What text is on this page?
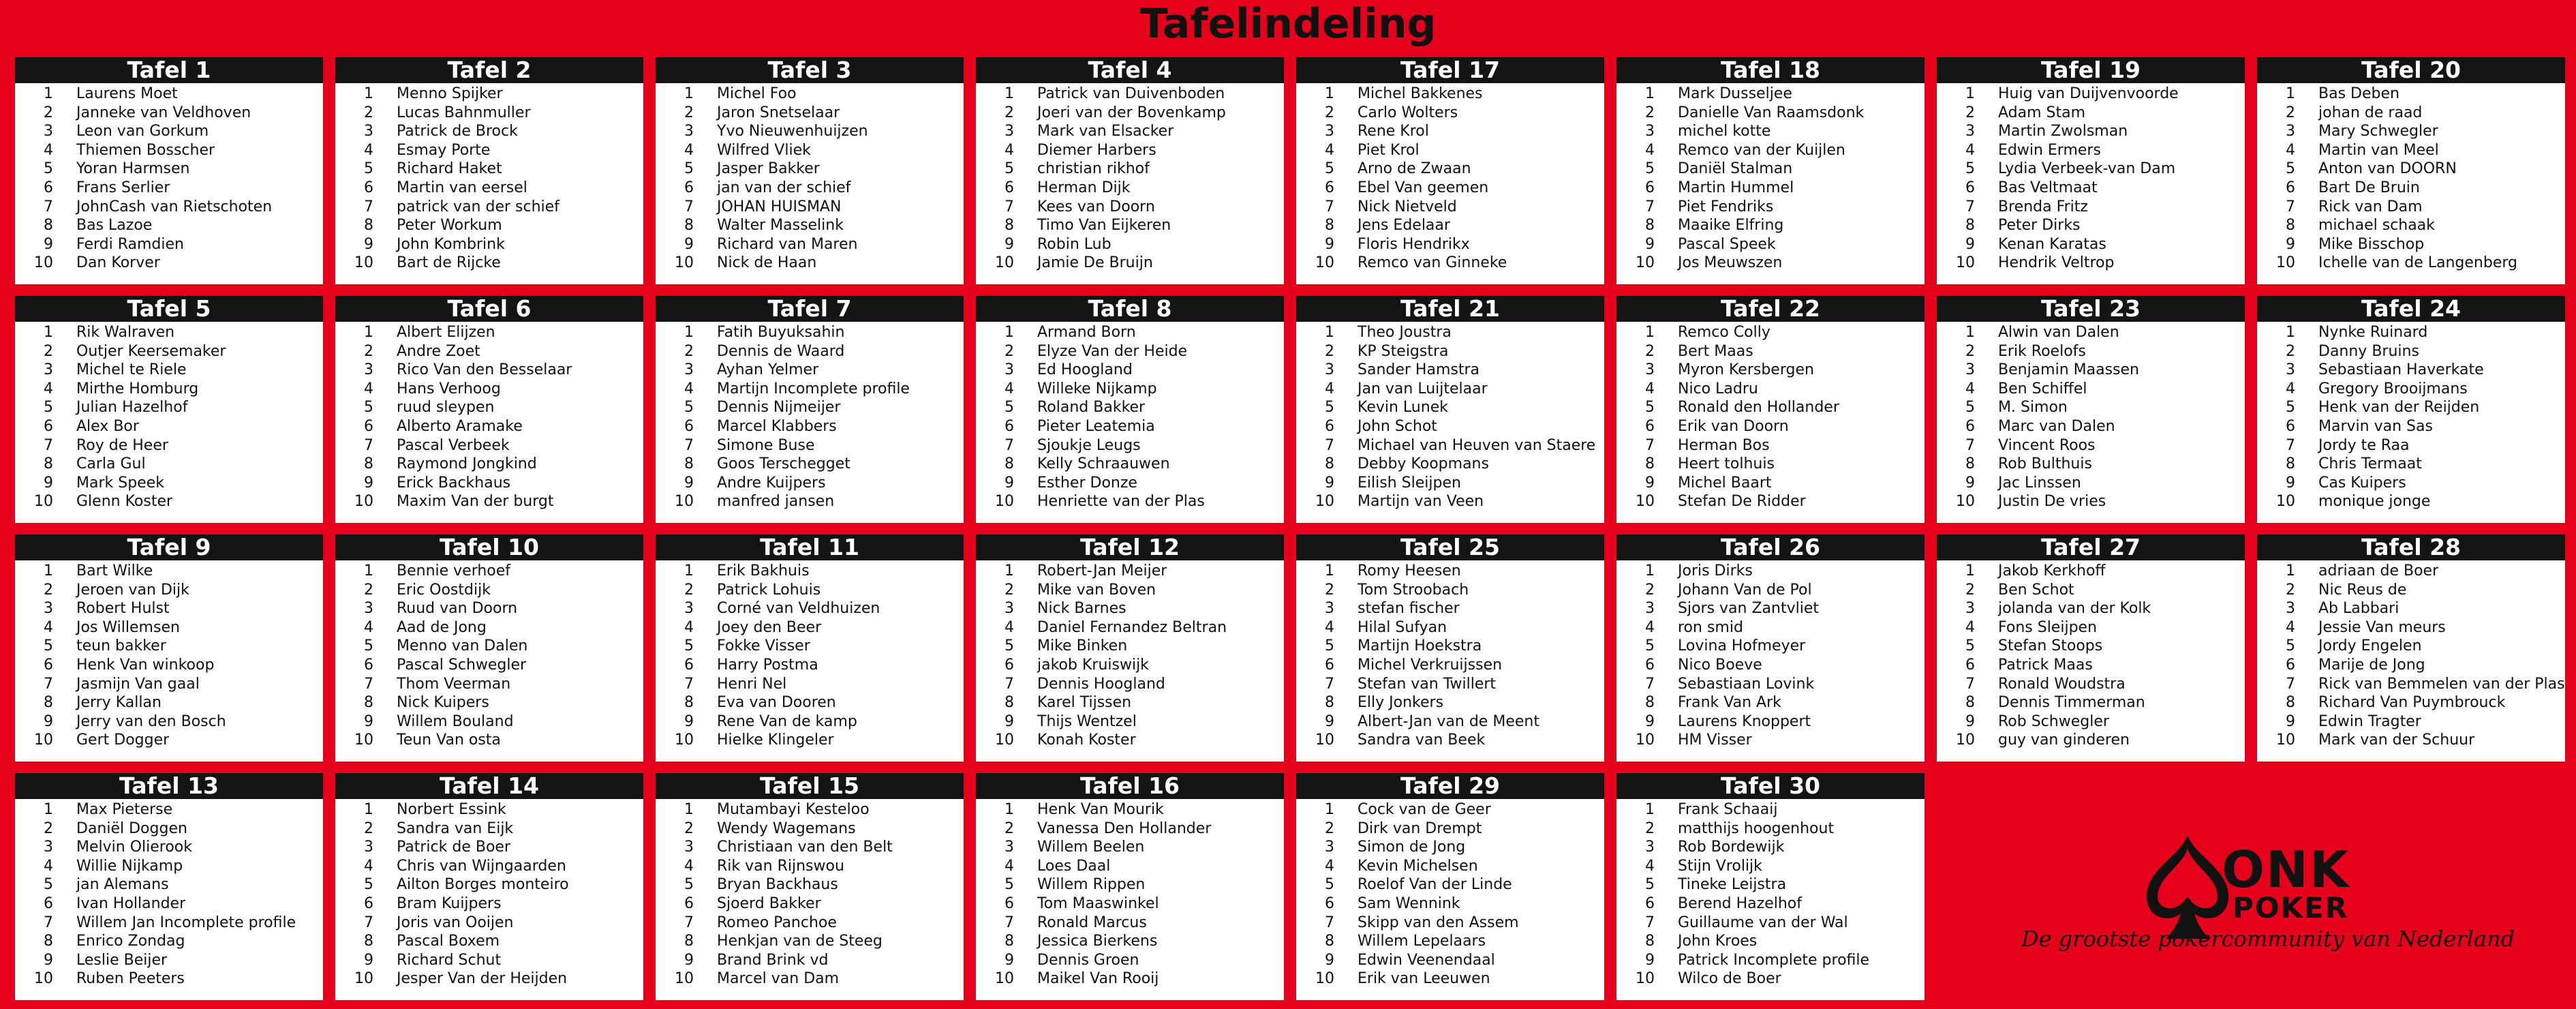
Tafelindeling
Tafel 1
1	Laurens Moet
2	Janneke van Veldhoven
3	Leon van Gorkum
4	Thiemen Bosscher
5	Yoran Harmsen
6	Frans Serlier
7	JohnCash van Rietschoten
8	Bas Lazoe
9	Ferdi Ramdien
10	Dan Korver
Tafel 2
1	Menno Spijker
2	Lucas Bahnmuller
3	Patrick de Brock
4	Esmay Porte
5	Richard Haket
6	Martin van eersel
7	patrick van der schief
8	Peter Workum
9	John Kombrink
10	Bart de Rijcke
Tafel 3
1	Michel Foo
2	Jaron Snetselaar
3	Yvo Nieuwenhuijzen
4	Wilfred Vliek
5	Jasper Bakker
6	jan van der schief
7	JOHAN HUISMAN
8	Walter Masselink
9	Richard van Maren
10	Nick de Haan
Tafel 4
1	Patrick van Duivenboden
2	Joeri van der Bovenkamp
3	Mark van Elsacker
4	Diemer Harbers
5	christian rikhof
6	Herman Dijk
7	Kees van Doorn
8	Timo Van Eijkeren
9	Robin Lub
10	Jamie De Bruijn
Tafel 17
1	Michel Bakkenes
2	Carlo Wolters
3	Rene Krol
4	Piet Krol
5	Arno de Zwaan
6	Ebel Van geemen
7	Nick Nietveld
8	Jens Edelaar
9	Floris Hendrikx
10	Remco van Ginneke
Tafel 18
1	Mark Dusseljee
2	Danielle Van Raamsdonk
3	michel kotte
4	Remco van der Kuijlen
5	Daniël Stalman
6	Martin Hummel
7	Piet Fendriks
8	Maaike Elfring
9	Pascal Speek
10	Jos Meuwszen
Tafel 19
1	Huig van Duijvenvoorde
2	Adam Stam
3	Martin Zwolsman
4	Edwin Ermers
5	Lydia Verbeek-van Dam
6	Bas Veltmaat
7	Brenda Fritz
8	Peter Dirks
9	Kenan Karatas
10	Hendrik Veltrop
Tafel 20
1	Bas Deben
2	johan de raad
3	Mary Schwegler
4	Martin van Meel
5	Anton van DOORN
6	Bart De Bruin
7	Rick van Dam
8	michael schaak
9	Mike Bisschop
10	Ichelle van de Langenberg
Tafel 5
1	Rik Walraven
2	Outjer Keersemaker
3	Michel te Riele
4	Mirthe Homburg
5	Julian Hazelhof
6	Alex Bor
7	Roy de Heer
8	Carla Gul
9	Mark Speek
10	Glenn Koster
Tafel 6
1	Albert Elijzen
2	Andre Zoet
3	Rico Van den Besselaar
4	Hans Verhoog
5	ruud sleypen
6	Alberto Aramake
7	Pascal Verbeek
8	Raymond Jongkind
9	Erick Backhaus
10	Maxim Van der burgt
Tafel 7
1	Fatih Buyuksahin
2	Dennis de Waard
3	Ayhan Yelmer
4	Martijn Incomplete profile
5	Dennis Nijmeijer
6	Marcel Klabbers
7	Simone Buse
8	Goos Terschegget
9	Andre Kuijpers
10	manfred jansen
Tafel 8
1	Armand Born
2	Elyze Van der Heide
3	Ed Hoogland
4	Willeke Nijkamp
5	Roland Bakker
6	Pieter Leatemia
7	Sjoukje Leugs
8	Kelly Schraauwen
9	Esther Donze
10	Henriette van der Plas
Tafel 21
1	Theo Joustra
2	KP Steigstra
3	Sander Hamstra
4	Jan van Luijtelaar
5	Kevin Lunek
6	John Schot
7	Michael van Heuven van Staere
8	Debby Koopmans
9	Eilish Sleijpen
10	Martijn van Veen
Tafel 22
1	Remco Colly
2	Bert Maas
3	Myron Kersbergen
4	Nico Ladru
5	Ronald den Hollander
6	Erik van Doorn
7	Herman Bos
8	Heert tolhuis
9	Michel Baart
10	Stefan De Ridder
Tafel 23
1	Alwin van Dalen
2	Erik Roelofs
3	Benjamin Maassen
4	Ben Schiffel
5	M. Simon
6	Marc van Dalen
7	Vincent Roos
8	Rob Bulthuis
9	Jac Linssen
10	Justin De vries
Tafel 24
1	Nynke Ruinard
2	Danny Bruins
3	Sebastiaan Haverkate
4	Gregory Brooijmans
5	Henk van der Reijden
6	Marvin van Sas
7	Jordy te Raa
8	Chris Termaat
9	Cas Kuipers
10	monique jonge
Tafel 9
1	Bart Wilke
2	Jeroen van Dijk
3	Robert Hulst
4	Jos Willemsen
5	teun bakker
6	Henk Van winkoop
7	Jasmijn Van gaal
8	Jerry Kallan
9	Jerry van den Bosch
10	Gert Dogger
Tafel 10
1	Bennie verhoef
2	Eric Oostdijk
3	Ruud van Doorn
4	Aad de Jong
5	Menno van Dalen
6	Pascal Schwegler
7	Thom Veerman
8	Nick Kuipers
9	Willem Bouland
10	Teun Van osta
Tafel 11
1	Erik Bakhuis
2	Patrick Lohuis
3	Corné van Veldhuizen
4	Joey den Beer
5	Fokke Visser
6	Harry Postma
7	Henri Nel
8	Eva van Dooren
9	Rene Van de kamp
10	Hielke Klingeler
Tafel 12
1	Robert-Jan Meijer
2	Mike van Boven
3	Nick Barnes
4	Daniel Fernandez Beltran
5	Mike Binken
6	jakob Kruiswijk
7	Dennis Hoogland
8	Karel Tijssen
9	Thijs Wentzel
10	Konah Koster
Tafel 25
1	Romy Heesen
2	Tom Stroobach
3	stefan fischer
4	Hilal Sufyan
5	Martijn Hoekstra
6	Michel Verkruijssen
7	Stefan van Twillert
8	Elly Jonkers
9	Albert-Jan van de Meent
10	Sandra van Beek
Tafel 26
1	Joris Dirks
2	Johann Van de Pol
3	Sjors van Zantvliet
4	ron smid
5	Lovina Hofmeyer
6	Nico Boeve
7	Sebastiaan Lovink
8	Frank Van Ark
9	Laurens Knoppert
10	HM Visser
Tafel 27
1	Jakob Kerkhoff
2	Ben Schot
3	jolanda van der Kolk
4	Fons Sleijpen
5	Stefan Stoops
6	Patrick Maas
7	Ronald Woudstra
8	Dennis Timmerman
9	Rob Schwegler
10	guy van ginderen
Tafel 28
1	adriaan de Boer
2	Nic Reus de
3	Ab Labbari
4	Jessie Van meurs
5	Jordy Engelen
6	Marije de Jong
7	Rick van Bemmelen van der Plas
8	Richard Van Puymbrouck
9	Edwin Tragter
10	Mark van der Schuur
Tafel 13
1	Max Pieterse
2	Daniël Doggen
3	Melvin Olierook
4	Willie Nijkamp
5	jan Alemans
6	Ivan Hollander
7	Willem Jan Incomplete profile
8	Enrico Zondag
9	Leslie Beijer
10	Ruben Peeters
Tafel 14
1	Norbert Essink
2	Sandra van Eijk
3	Patrick de Boer
4	Chris van Wijngaarden
5	Ailton Borges monteiro
6	Bram Kuijpers
7	Joris van Ooijen
8	Pascal Boxem
9	Richard Schut
10	Jesper Van der Heijden
Tafel 15
1	Mutambayi Kesteloo
2	Wendy Wagemans
3	Christiaan van den Belt
4	Rik van Rijnswou
5	Bryan Backhaus
6	Sjoerd Bakker
7	Romeo Panchoe
8	Henkjan van de Steeg
9	Brand Brink vd
10	Marcel van Dam
Tafel 16
1	Henk Van Mourik
2	Vanessa Den Hollander
3	Willem Beelen
4	Loes Daal
5	Willem Rippen
6	Tom Maaswinkel
7	Ronald Marcus
8	Jessica Bierkens
9	Dennis Groen
10	Maikel Van Rooij
Tafel 29
1	Cock van de Geer
2	Dirk van Drempt
3	Simon de Jong
4	Kevin Michelsen
5	Roelof Van der Linde
6	Sam Wennink
7	Skipp van den Assem
8	Willem Lepelaars
9	Edwin Veenendaal
10	Erik van Leeuwen
Tafel 30
1	Frank Schaaij
2	matthijs hoogenhout
3	Rob Bordewijk
4	Stijn Vrolijk
5	Tineke Leijstra
6	Berend Hazelhof
7	Guillaume van der Wal
8	John Kroes
9	Patrick Incomplete profile
10	Wilco de Boer
ONK
POKER
De grootste pokercommunity van Nederland
